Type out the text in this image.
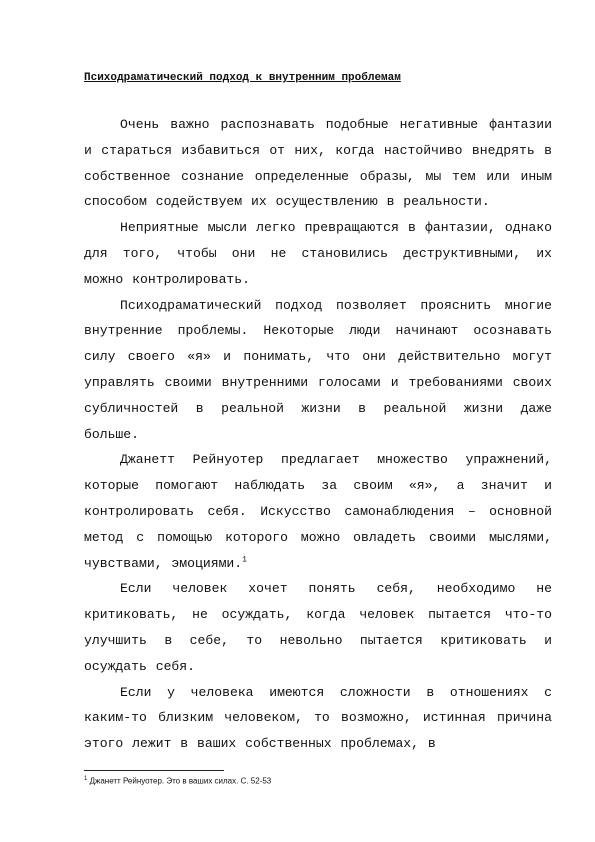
Психодраматический подход к внутренним проблемам

Очень важно распознавать подобные негативные фантазии и стараться избавиться от них, когда настойчиво внедрять в собственное сознание определенные образы, мы тем или иным способом содействуем их осуществлению в реальности.

Неприятные мысли легко превращаются в фантазии, однако для того, чтобы они не становились деструктивными, их можно контролировать.

Психодраматический подход позволяет прояснить многие внутренние проблемы. Некоторые люди начинают осознавать силу своего «я» и понимать, что они действительно могут управлять своими внутренними голосами и требованиями своих субличностей в реальной жизни в реальной жизни даже больше.

Джанетт Рейнуотер предлагает множество упражнений, которые помогают наблюдать за своим «я», а значит и контролировать себя. Искусство самонаблюдения – основной метод с помощью которого можно овладеть своими мыслями, чувствами, эмоциями.$^1$

Если человек хочет понять себя, необходимо не критиковать, не осуждать, когда человек пытается что-то улучшить в себе, то невольно пытается критиковать и осуждать себя.

Если у человека имеются сложности в отношениях с каким-то близким человеком, то возможно, истинная причина этого лежит в ваших собственных проблемах, в

$^1$ Джанетт Рейнуотер. Это в ваших силах. С. 52-53
